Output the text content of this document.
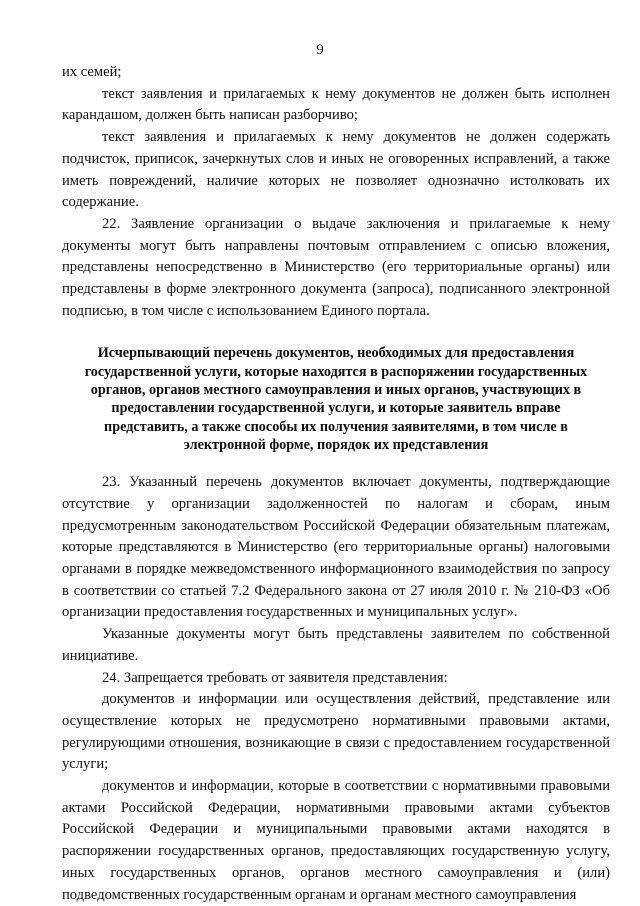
9

их семей;

текст заявления и прилагаемых к нему документов не должен быть исполнен карандашом, должен быть написан разборчиво;

текст заявления и прилагаемых к нему документов не должен содержать подчисток, приписок, зачеркнутых слов и иных не оговоренных исправлений, а также иметь повреждений, наличие которых не позволяет однозначно истолковать их содержание.

22. Заявление организации о выдаче заключения и прилагаемые к нему документы могут быть направлены почтовым отправлением с описью вложения, представлены непосредственно в Министерство (его территориальные органы) или представлены в форме электронного документа (запроса), подписанного электронной подписью, в том числе с использованием Единого портала.

Исчерпывающий перечень документов, необходимых для предоставления государственной услуги, которые находятся в распоряжении государственных органов, органов местного самоуправления и иных органов, участвующих в предоставлении государственной услуги, и которые заявитель вправе представить, а также способы их получения заявителями, в том числе в электронной форме, порядок их представления

23. Указанный перечень документов включает документы, подтверждающие отсутствие у организации задолженностей по налогам и сборам, иным предусмотренным законодательством Российской Федерации обязательным платежам, которые представляются в Министерство (его территориальные органы) налоговыми органами в порядке межведомственного информационного взаимодействия по запросу в соответствии со статьей 7.2 Федерального закона от 27 июля 2010 г. № 210-ФЗ «Об организации предоставления государственных и муниципальных услуг».

Указанные документы могут быть представлены заявителем по собственной инициативе.

24. Запрещается требовать от заявителя представления:

документов и информации или осуществления действий, представление или осуществление которых не предусмотрено нормативными правовыми актами, регулирующими отношения, возникающие в связи с предоставлением государственной услуги;

документов и информации, которые в соответствии с нормативными правовыми актами Российской Федерации, нормативными правовыми актами субъектов Российской Федерации и муниципальными правовыми актами находятся в распоряжении государственных органов, предоставляющих государственную услугу, иных государственных органов, органов местного самоуправления и (или) подведомственных государственным органам и органам местного самоуправления
